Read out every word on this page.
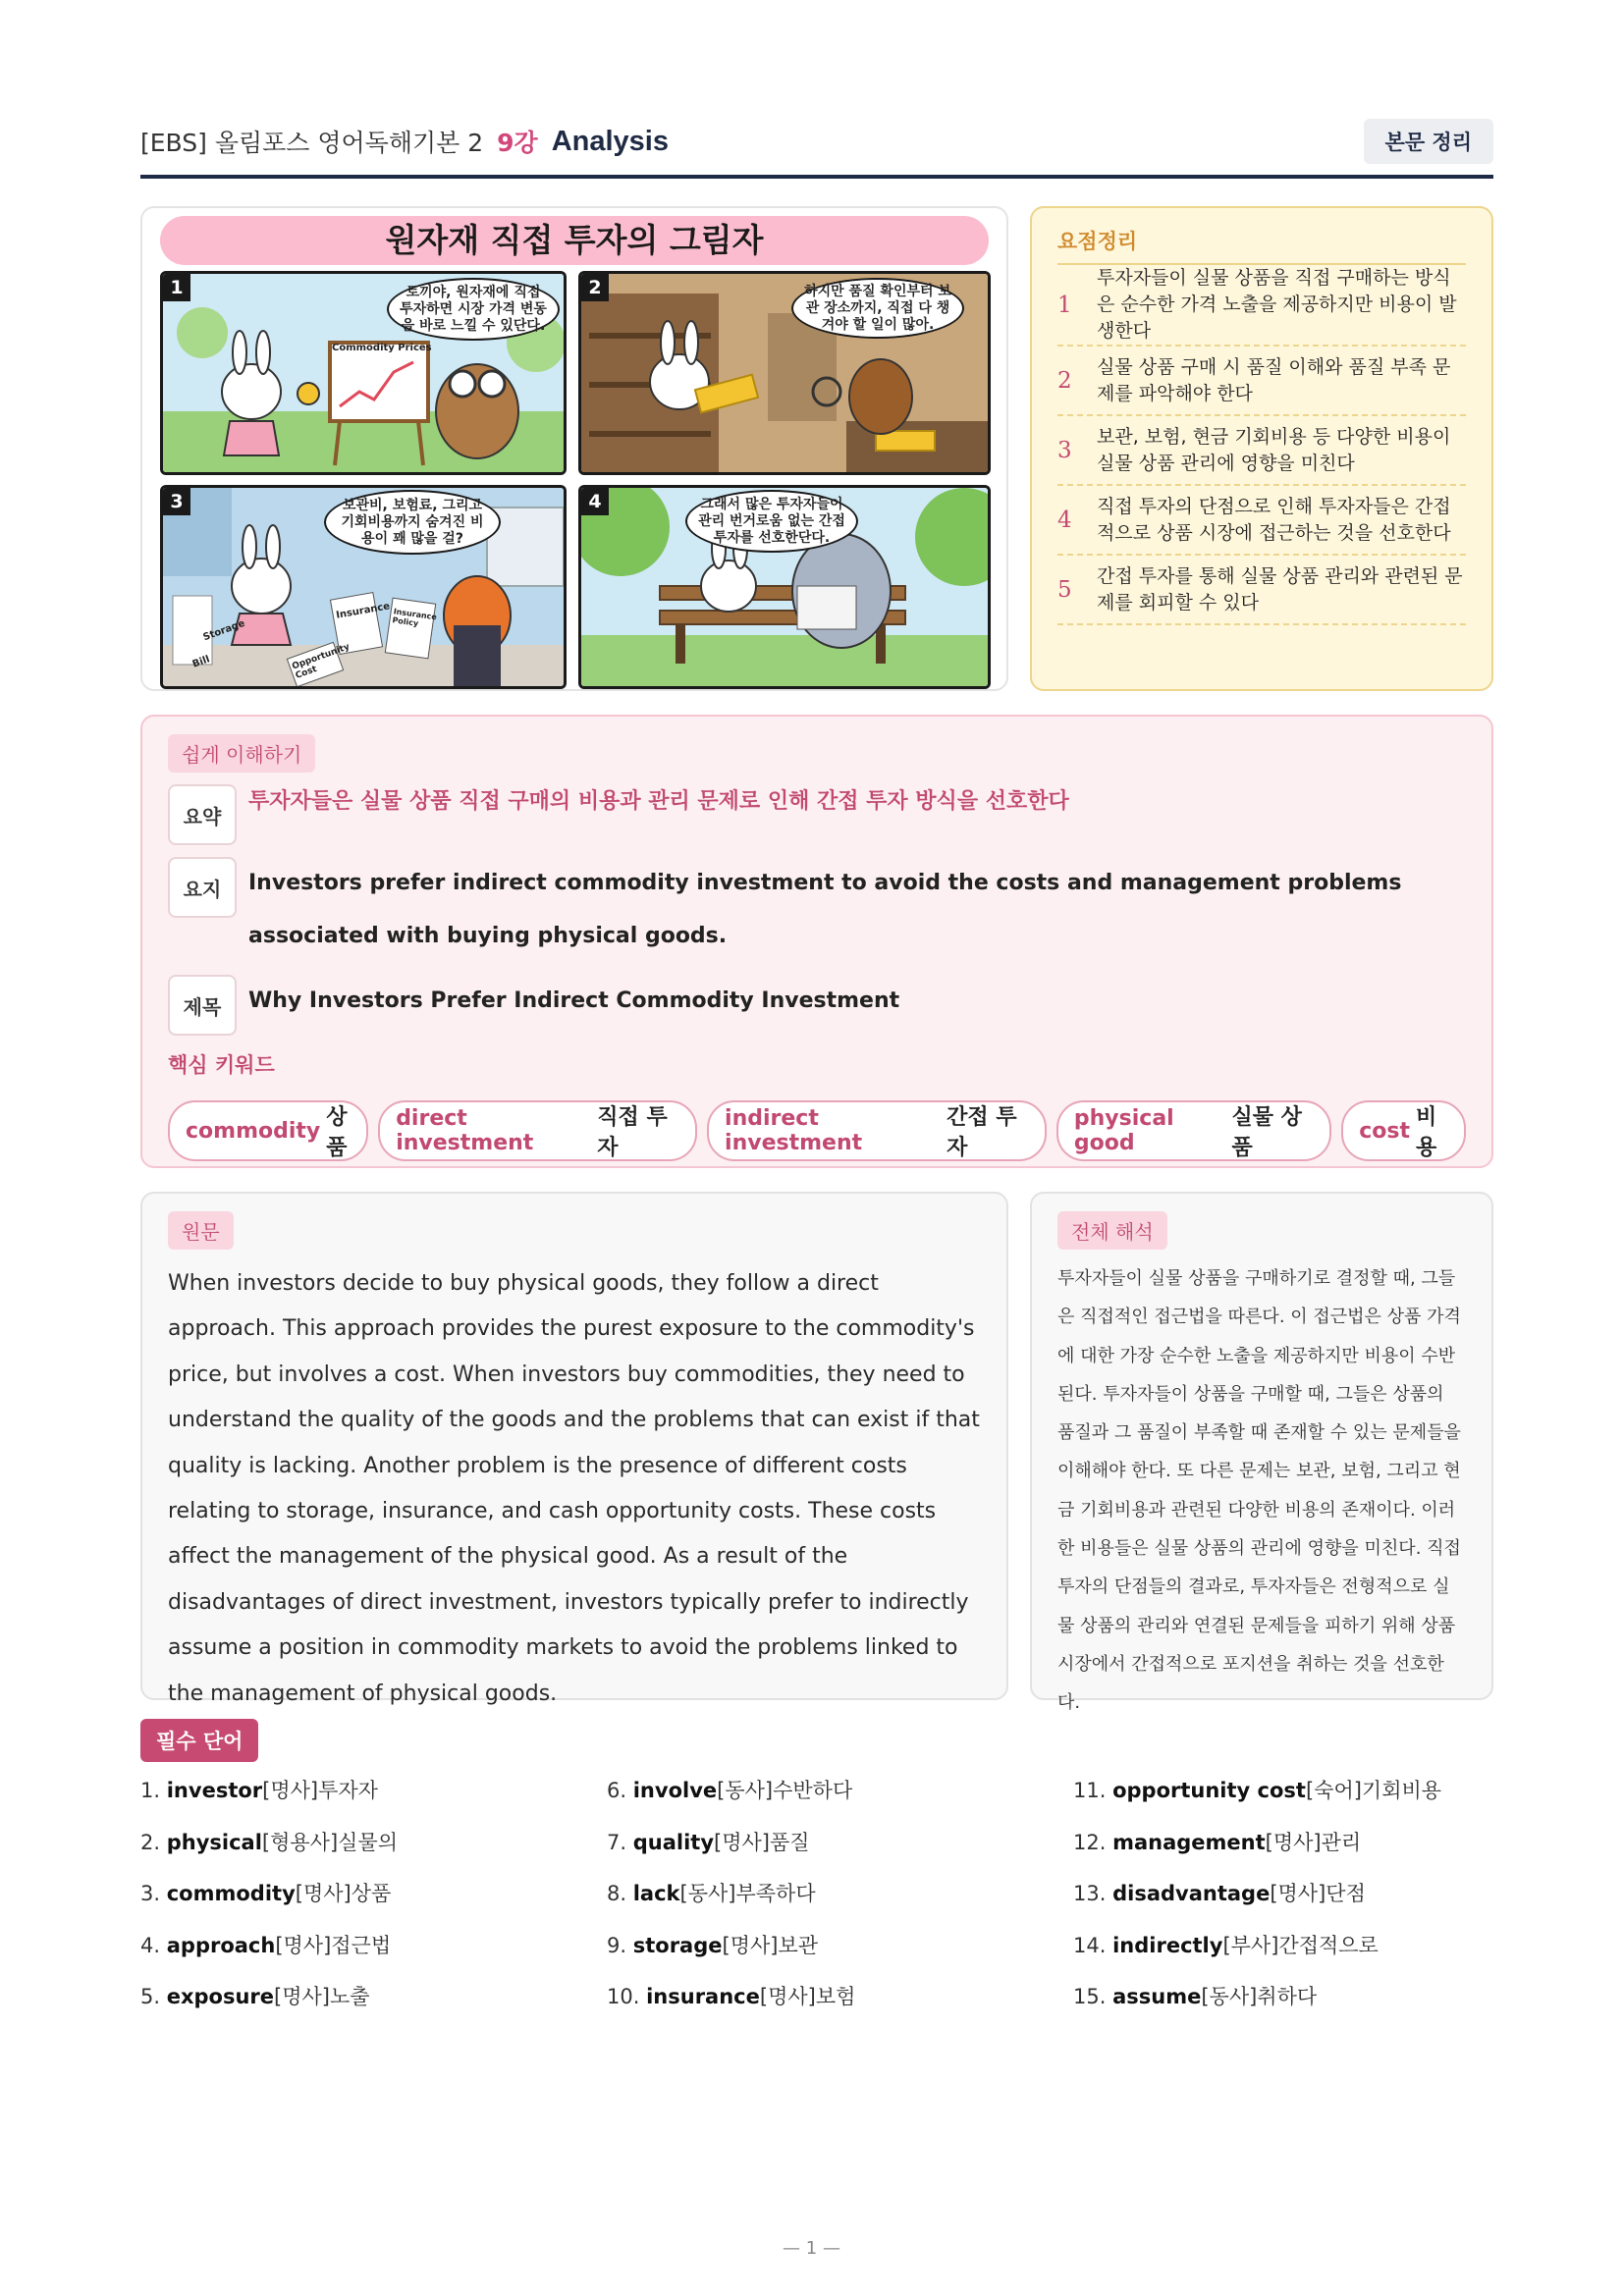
[EBS] 올림포스 영어독해기본 2 9강 Analysis	본문 정리
원자재 직접 투자의 그림자
1	토끼야, 원자재에 직접 투자하면 시장 가격 변동을 바로 느낄 수 있단다.
Commodity Prices
2	하지만 품질 확인부터 보관 장소까지, 직접 다 챙겨야 할 일이 많아.
3	보관비, 보험료, 그리고 기회비용까지 숨겨진 비용이 꽤 많을 걸?
Storage
Insurance Insurance Policy
Bill	Opportunity Cost
4	그래서 많은 투자자들이 관리 번거로움 없는 간접 투자를 선호한단다.
요점정리
1
투자자들이 실물 상품을 직접 구매하는 방식은 순수한 가격 노출을 제공하지만 비용이 발생한다
2
실물 상품 구매 시 품질 이해와 품질 부족 문제를 파악해야 한다
3
보관, 보험, 현금 기회비용 등 다양한 비용이 실물 상품 관리에 영향을 미친다
4
직접 투자의 단점으로 인해 투자자들은 간접적으로 상품 시장에 접근하는 것을 선호한다
5
간접 투자를 통해 실물 상품 관리와 관련된 문제를 회피할 수 있다
쉽게 이해하기
요약
투자자들은 실물 상품 직접 구매의 비용과 관리 문제로 인해 간접 투자 방식을 선호한다
요지	Investors prefer indirect commodity investment to avoid the costs and management problems associated with buying physical goods.
제목	Why Investors Prefer Indirect Commodity Investment
핵심 키워드
commodity
상품
direct investment
직접 투자
indirect investment
간접 투자
physical good
실물 상품
cost
비용
원문
When investors decide to buy physical goods, they follow a direct approach. This approach provides the purest exposure to the commodity's price, but involves a cost. When investors buy commodities, they need to understand the quality of the goods and the problems that can exist if that quality is lacking. Another problem is the presence of different costs relating to storage, insurance, and cash opportunity costs. These costs affect the management of the physical good. As a result of the disadvantages of direct investment, investors typically prefer to indirectly assume a position in commodity markets to avoid the problems linked to the management of physical goods.
전체 해석
투자자들이 실물 상품을 구매하기로 결정할 때, 그들은 직접적인 접근법을 따른다. 이 접근법은 상품 가격에 대한 가장 순수한 노출을 제공하지만 비용이 수반된다. 투자자들이 상품을 구매할 때, 그들은 상품의 품질과 그 품질이 부족할 때 존재할 수 있는 문제들을 이해해야 한다. 또 다른 문제는 보관, 보험, 그리고 현금 기회비용과 관련된 다양한 비용의 존재이다. 이러한 비용들은 실물 상품의 관리에 영향을 미친다. 직접 투자의 단점들의 결과로, 투자자들은 전형적으로 실물 상품의 관리와 연결된 문제들을 피하기 위해 상품 시장에서 간접적으로 포지션을 취하는 것을 선호한다.
필수 단어
1. investor[명사]투자자	6. involve[동사]수반하다	11. opportunity cost[숙어]기회비용
2. physical[형용사]실물의	7. quality[명사]품질	12. management[명사]관리
3. commodity[명사]상품	8. lack[동사]부족하다	13. disadvantage[명사]단점
4. approach[명사]접근법	9. storage[명사]보관	14. indirectly[부사]간접적으로
5. exposure[명사]노출	10. insurance[명사]보험	15. assume[동사]취하다
— 1 —
